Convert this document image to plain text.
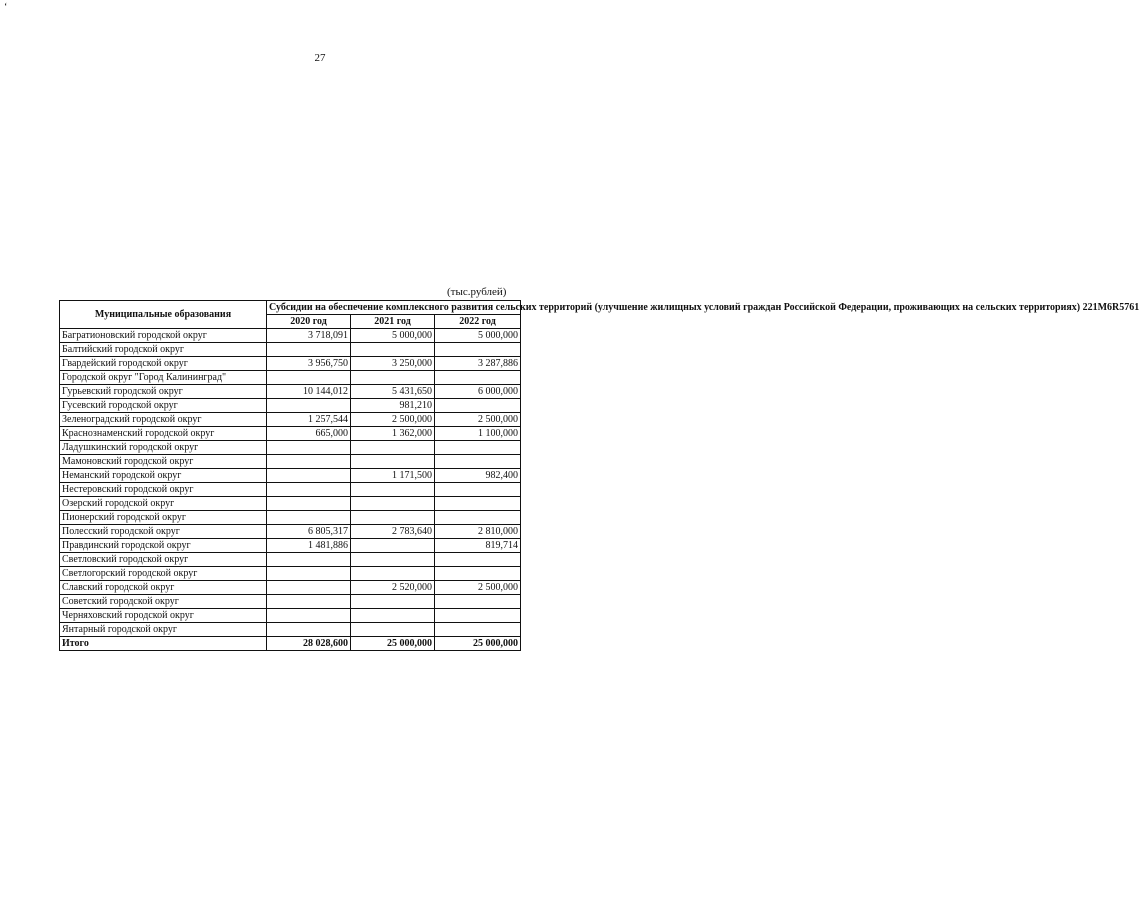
ʻ
27
(тыс.рублей)
Муниципальные образования	Субсидии на обеспечение комплексного развития сельских территорий (улучшение жилищных условий граждан Российской Федерации, проживающих на сельских территориях) 221M6R5761		
	2020 год	2021 год	2022 год
Багратионовский городской округ	3 718,091	5 000,000	5 000,000
Балтийский городской округ			
Гвардейский городской округ	3 956,750	3 250,000	3 287,886
Городской округ "Город Калининград"			
Гурьевский городской округ	10 144,012	5 431,650	6 000,000
Гусевский городской округ		981,210	
Зеленоградский городской округ	1 257,544	2 500,000	2 500,000
Краснознаменский городской округ	665,000	1 362,000	1 100,000
Ладушкинский городской округ			
Мамоновский городской округ			
Неманский городской округ		1 171,500	982,400
Нестеровский городской округ			
Озерский городской округ			
Пионерский городской округ			
Полесский городской округ	6 805,317	2 783,640	2 810,000
Правдинский городской округ	1 481,886		819,714
Светловский городской округ			
Светлогорский городской округ			
Славский городской округ		2 520,000	2 500,000
Советский городской округ			
Черняховский городской округ			
Янтарный городской округ			
Итого	28 028,600	25 000,000	25 000,000
